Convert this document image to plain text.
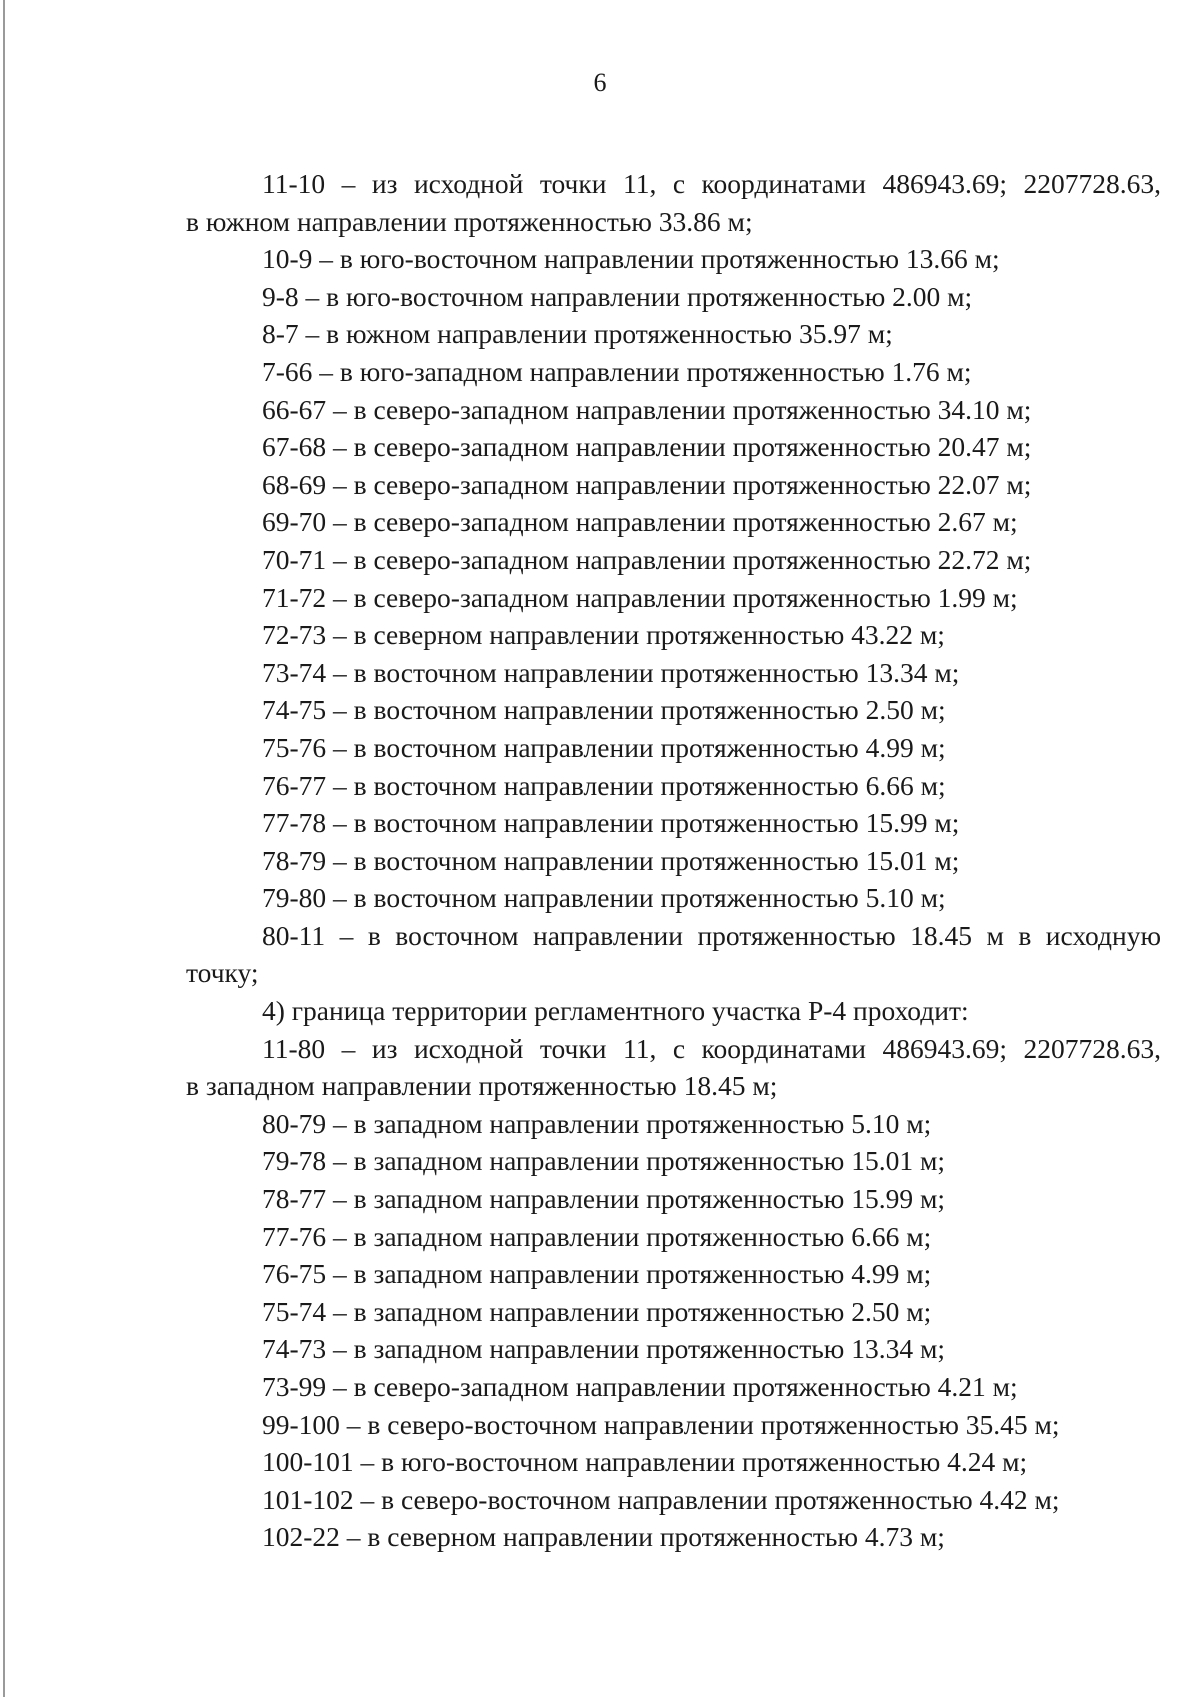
6
11-10 – из исходной точки 11, с координатами 486943.69; 2207728.63,
в южном направлении протяженностью 33.86 м;
10-9 – в юго-восточном направлении протяженностью 13.66 м;
9-8 – в юго-восточном направлении протяженностью 2.00 м;
8-7 – в южном направлении протяженностью 35.97 м;
7-66 – в юго-западном направлении протяженностью 1.76 м;
66-67 – в северо-западном направлении протяженностью 34.10 м;
67-68 – в северо-западном направлении протяженностью 20.47 м;
68-69 – в северо-западном направлении протяженностью 22.07 м;
69-70 – в северо-западном направлении протяженностью 2.67 м;
70-71 – в северо-западном направлении протяженностью 22.72 м;
71-72 – в северо-западном направлении протяженностью 1.99 м;
72-73 – в северном направлении протяженностью 43.22 м;
73-74 – в восточном направлении протяженностью 13.34 м;
74-75 – в восточном направлении протяженностью 2.50 м;
75-76 – в восточном направлении протяженностью 4.99 м;
76-77 – в восточном направлении протяженностью 6.66 м;
77-78 – в восточном направлении протяженностью 15.99 м;
78-79 – в восточном направлении протяженностью 15.01 м;
79-80 – в восточном направлении протяженностью 5.10 м;
80-11 – в восточном направлении протяженностью 18.45 м в исходную
точку;
4) граница территории регламентного участка Р-4 проходит:
11-80 – из исходной точки 11, с координатами 486943.69; 2207728.63,
в западном направлении протяженностью 18.45 м;
80-79 – в западном направлении протяженностью 5.10 м;
79-78 – в западном направлении протяженностью 15.01 м;
78-77 – в западном направлении протяженностью 15.99 м;
77-76 – в западном направлении протяженностью 6.66 м;
76-75 – в западном направлении протяженностью 4.99 м;
75-74 – в западном направлении протяженностью 2.50 м;
74-73 – в западном направлении протяженностью 13.34 м;
73-99 – в северо-западном направлении протяженностью 4.21 м;
99-100 – в северо-восточном направлении протяженностью 35.45 м;
100-101 – в юго-восточном направлении протяженностью 4.24 м;
101-102 – в северо-восточном направлении протяженностью 4.42 м;
102-22 – в северном направлении протяженностью 4.73 м;
